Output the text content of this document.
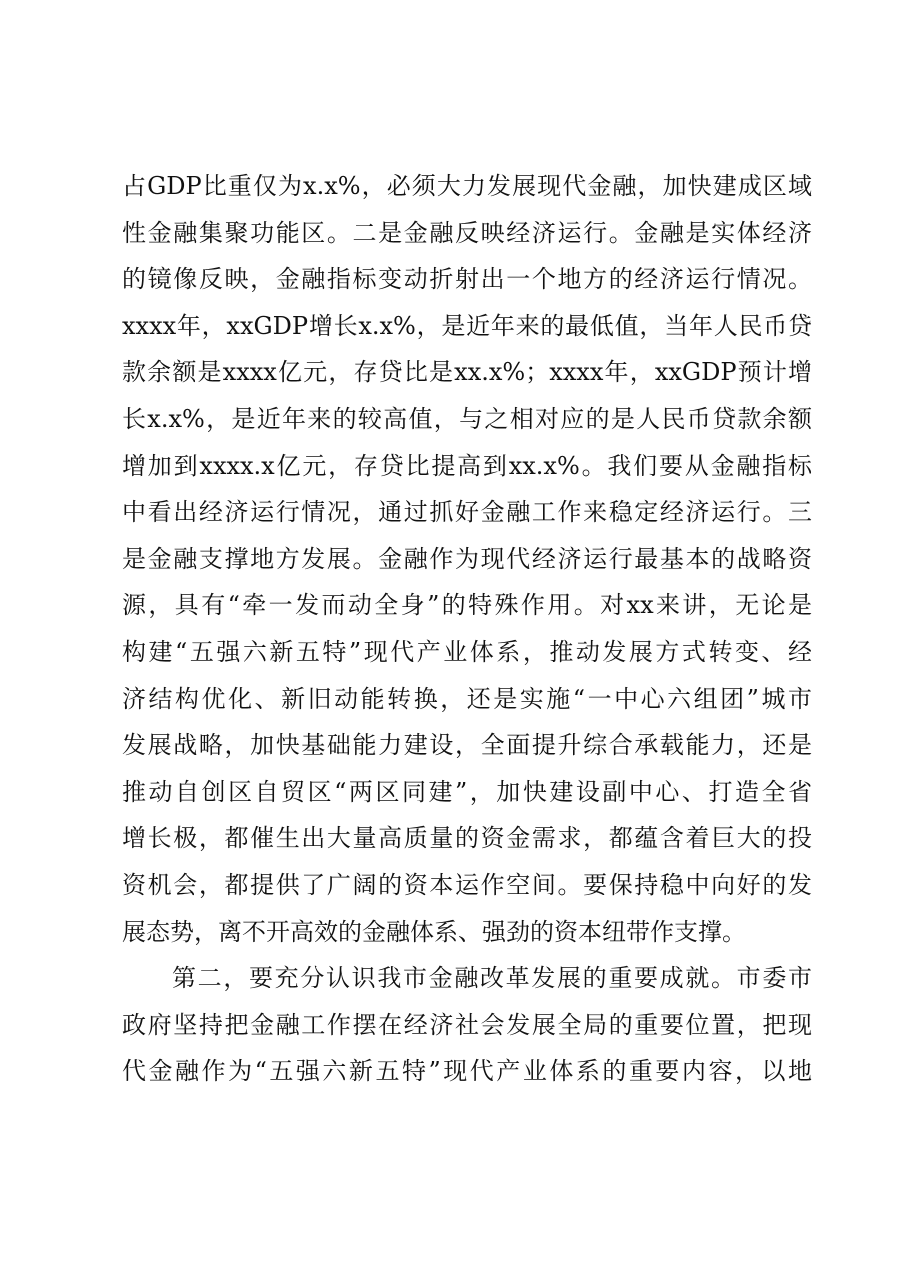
占GDP比重仅为x.x%，必须大力发展现代金融，加快建成区域
性金融集聚功能区。二是金融反映经济运行。金融是实体经济
的镜像反映，金融指标变动折射出一个地方的经济运行情况。
xxxx年，xxGDP增长x.x%，是近年来的最低值，当年人民币贷
款余额是xxxx亿元，存贷比是xx.x%；xxxx年，xxGDP预计增
长x.x%，是近年来的较高值，与之相对应的是人民币贷款余额
增加到xxxx.x亿元，存贷比提高到xx.x%。我们要从金融指标
中看出经济运行情况，通过抓好金融工作来稳定经济运行。三
是金融支撑地方发展。金融作为现代经济运行最基本的战略资
源，具有“牵一发而动全身”的特殊作用。对xx来讲，无论是
构建“五强六新五特”现代产业体系，推动发展方式转变、经
济结构优化、新旧动能转换，还是实施“一中心六组团”城市
发展战略，加快基础能力建设，全面提升综合承载能力，还是
推动自创区自贸区“两区同建”，加快建设副中心、打造全省
增长极，都催生出大量高质量的资金需求，都蕴含着巨大的投
资机会，都提供了广阔的资本运作空间。要保持稳中向好的发
展态势，离不开高效的金融体系、强劲的资本纽带作支撑。
第二，要充分认识我市金融改革发展的重要成就。市委市
政府坚持把金融工作摆在经济社会发展全局的重要位置，把现
代金融作为“五强六新五特”现代产业体系的重要内容，以地
